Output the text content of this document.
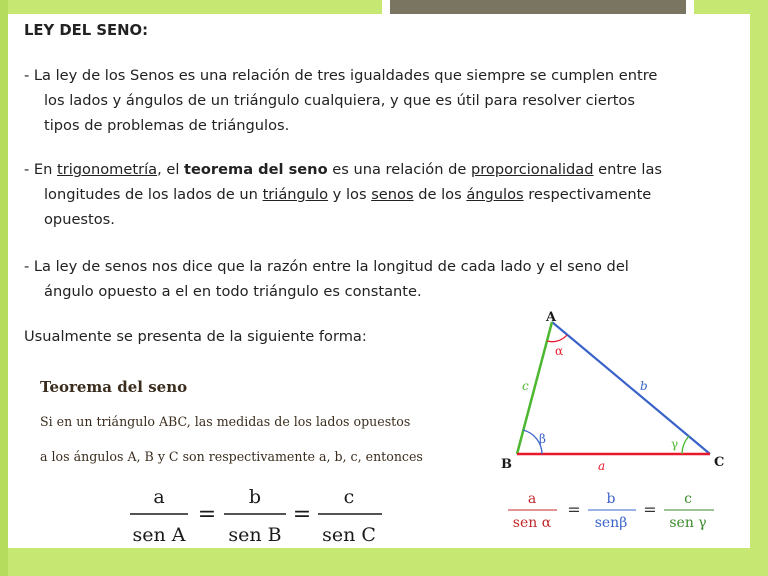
LEY DEL SENO:

- La ley de los Senos es una relación de tres igualdades que siempre se cumplen entre

los lados y ángulos de un triángulo cualquiera, y que es útil para resolver ciertos

tipos de problemas de triángulos.

- En trigonometría, el teorema del seno es una relación de proporcionalidad entre las

longitudes de los lados de un triángulo y los senos de los ángulos respectivamente

opuestos.

- La ley de senos nos dice que la razón entre la longitud de cada lado y el seno del

ángulo opuesto a el en todo triángulo es constante.

Usualmente se presenta de la siguiente forma:

Teorema del seno

Si en un triángulo ABC, las medidas de los lados opuestos

a los ángulos A, B y C son respectivamente a, b, c, entonces

a
sen A
=
b
sen B
=
c
sen C
A
B	C
c	b
a
α
β	γ
a
sen α
=
b
senβ
=
c
sen γ
